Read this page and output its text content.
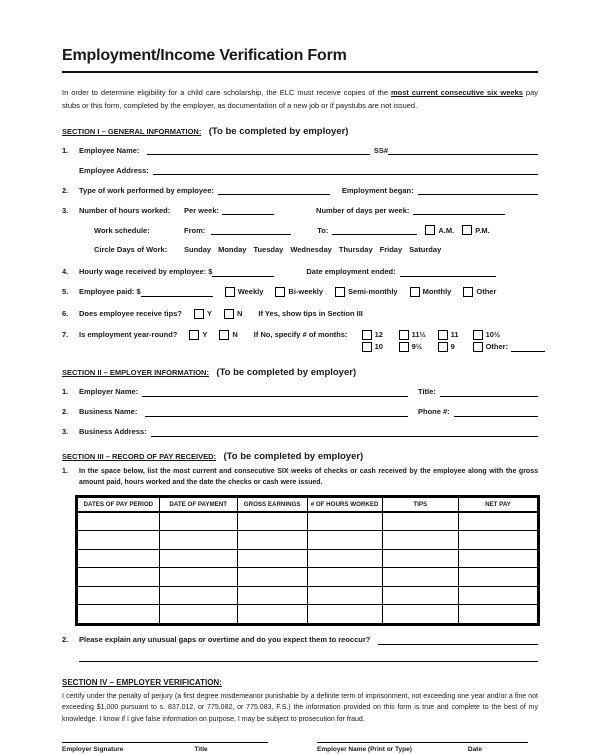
Employment/Income Verification Form

In order to determine eligibility for a child care scholarship, the ELC must receive copies of the most current consecutive six weeks pay stubs or this form, completed by the employer, as documentation of a new job or if paystubs are not issued.

SECTION I – GENERAL INFORMATION: (To be completed by employer)
1.	Employee Name:	SS#
Employee Address:
2.	Type of work performed by employee:	Employment began:
3.	Number of hours worked:	Per week:	Number of days per week:
Work schedule:	From:	To:	A.M.	P.M.
Circle Days of Work:	Sunday Monday Tuesday Wednesday Thursday Friday Saturday
4.	Hourly wage received by employee: $	Date employment ended:
5.	Employee paid: $	Weekly	Bi-weekly	Semi-monthly	Monthly	Other
6.	Does employee receive tips?	Y	N If Yes, show tips in Section III
7.	Is employment year-round?	Y	N If No, specify # of months:	12	11½	11	10½
10	9½	9	Other:
SECTION II – EMPLOYER INFORMATION: (To be completed by employer)
1.	Employer Name:	Title:
2.	Business Name:	Phone #:
3.	Business Address:
SECTION III – RECORD OF PAY RECEIVED: (To be completed by employer)
1.	In the space below, list the most current and consecutive SIX weeks of checks or cash received by the employee along with the gross amount paid, hours worked and the date the checks or cash were issued.

DATES OF PAY PERIOD	DATE OF PAYMENT	GROSS EARNINGS	# OF HOURS WORKED	TIPS	NET PAY

2.	Please explain any unusual gaps or overtime and do you expect them to reoccur?
SECTION IV – EMPLOYER VERIFICATION:

I certify under the penalty of perjury (a first degree misdemeanor punishable by a definite term of imprisonment, not exceeding one year and/or a fine not exceeding $1,000 pursuant to s. 837.012, or 775.082, or 775.083, F.S.) the information provided on this form is true and complete to the best of my knowledge. I know if I give false information on purpose, I may be subject to prosecution for fraud.

Employer Signature	Title	Employer Name (Print or Type)	Date
